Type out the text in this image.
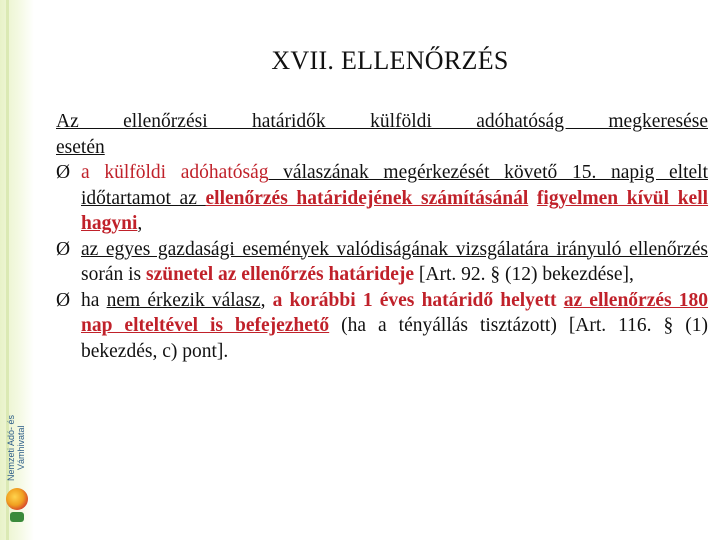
Nemzeti Adó- és Vámhivatal
XVII. ELLENŐRZÉS

Az ellenőrzési határidők külföldi adóhatóság megkeresése

esetén

Ø a külföldi adóhatóság válaszának megérkezését követő 15. napig eltelt időtartamot az ellenőrzés határidejének számításánál figyelmen kívül kell hagyni,
Ø az egyes gazdasági események valódiságának vizsgálatára irányuló ellenőrzés során is szünetel az ellenőrzés határideje [Art. 92. § (12) bekezdése],
Ø ha nem érkezik válasz, a korábbi 1 éves határidő helyett az ellenőrzés 180 nap elteltével is befejezhető (ha a tényállás tisztázott) [Art. 116. § (1) bekezdés, c) pont].
